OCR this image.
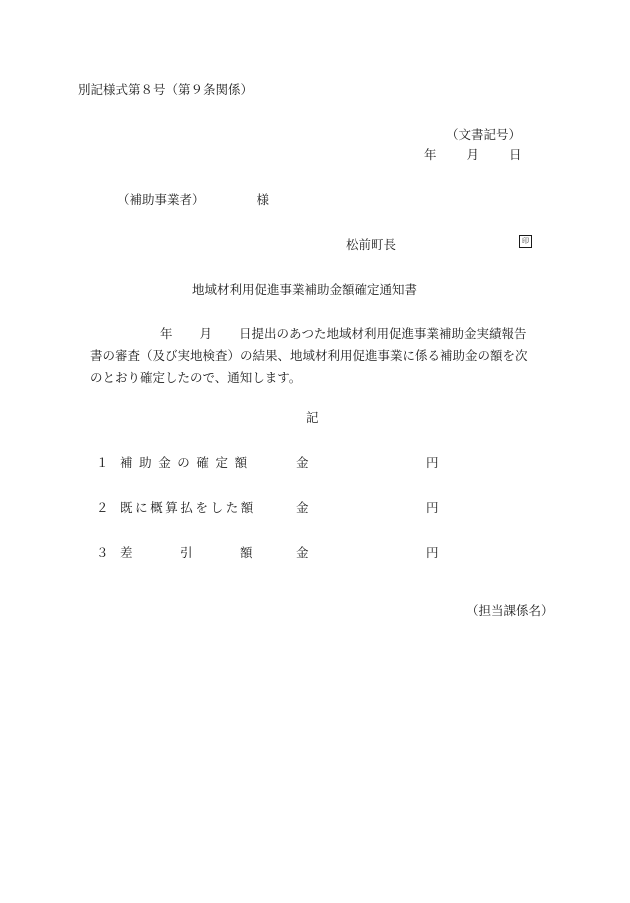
別記様式第８号（第９条関係）
（文書記号）
年 月 日
（補助事業者）	様
松前町長	印
地域材利用促進事業補助金額確定通知書

年 月 日提出のあつた地域材利用促進事業補助金実績報告

書の審査（及び実地検査）の結果、地域材利用促進事業に係る補助金の額を次

のとおり確定したので、通知します。

記
１ 補助金の確定額	金	円
２ 既に概算払をした額	金	円
３ 差	引	額	金	円
（担当課係名）
